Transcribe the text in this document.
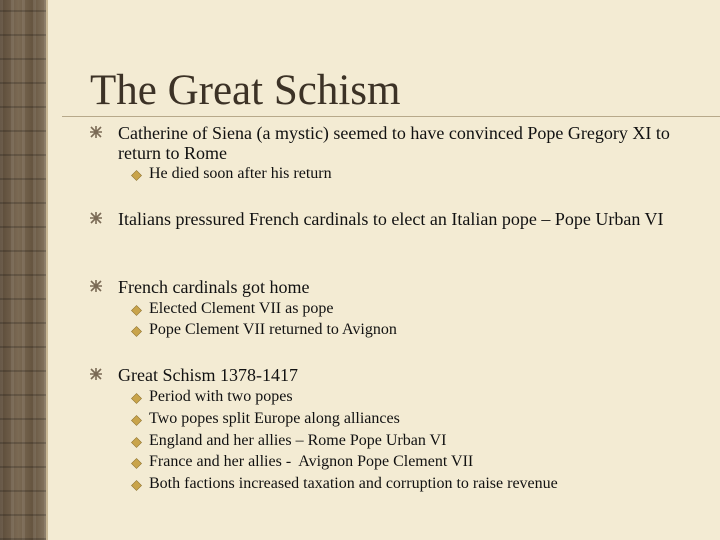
The Great Schism
Catherine of Siena (a mystic) seemed to have convinced Pope Gregory XI to return to Rome
He died soon after his return
Italians pressured French cardinals to elect an Italian pope – Pope Urban VI
French cardinals got home
Elected Clement VII as pope
Pope Clement VII returned to Avignon
Great Schism 1378-1417
Period with two popes
Two popes split Europe along alliances
England and her allies – Rome Pope Urban VI
France and her allies -  Avignon Pope Clement VII
Both factions increased taxation and corruption to raise revenue
